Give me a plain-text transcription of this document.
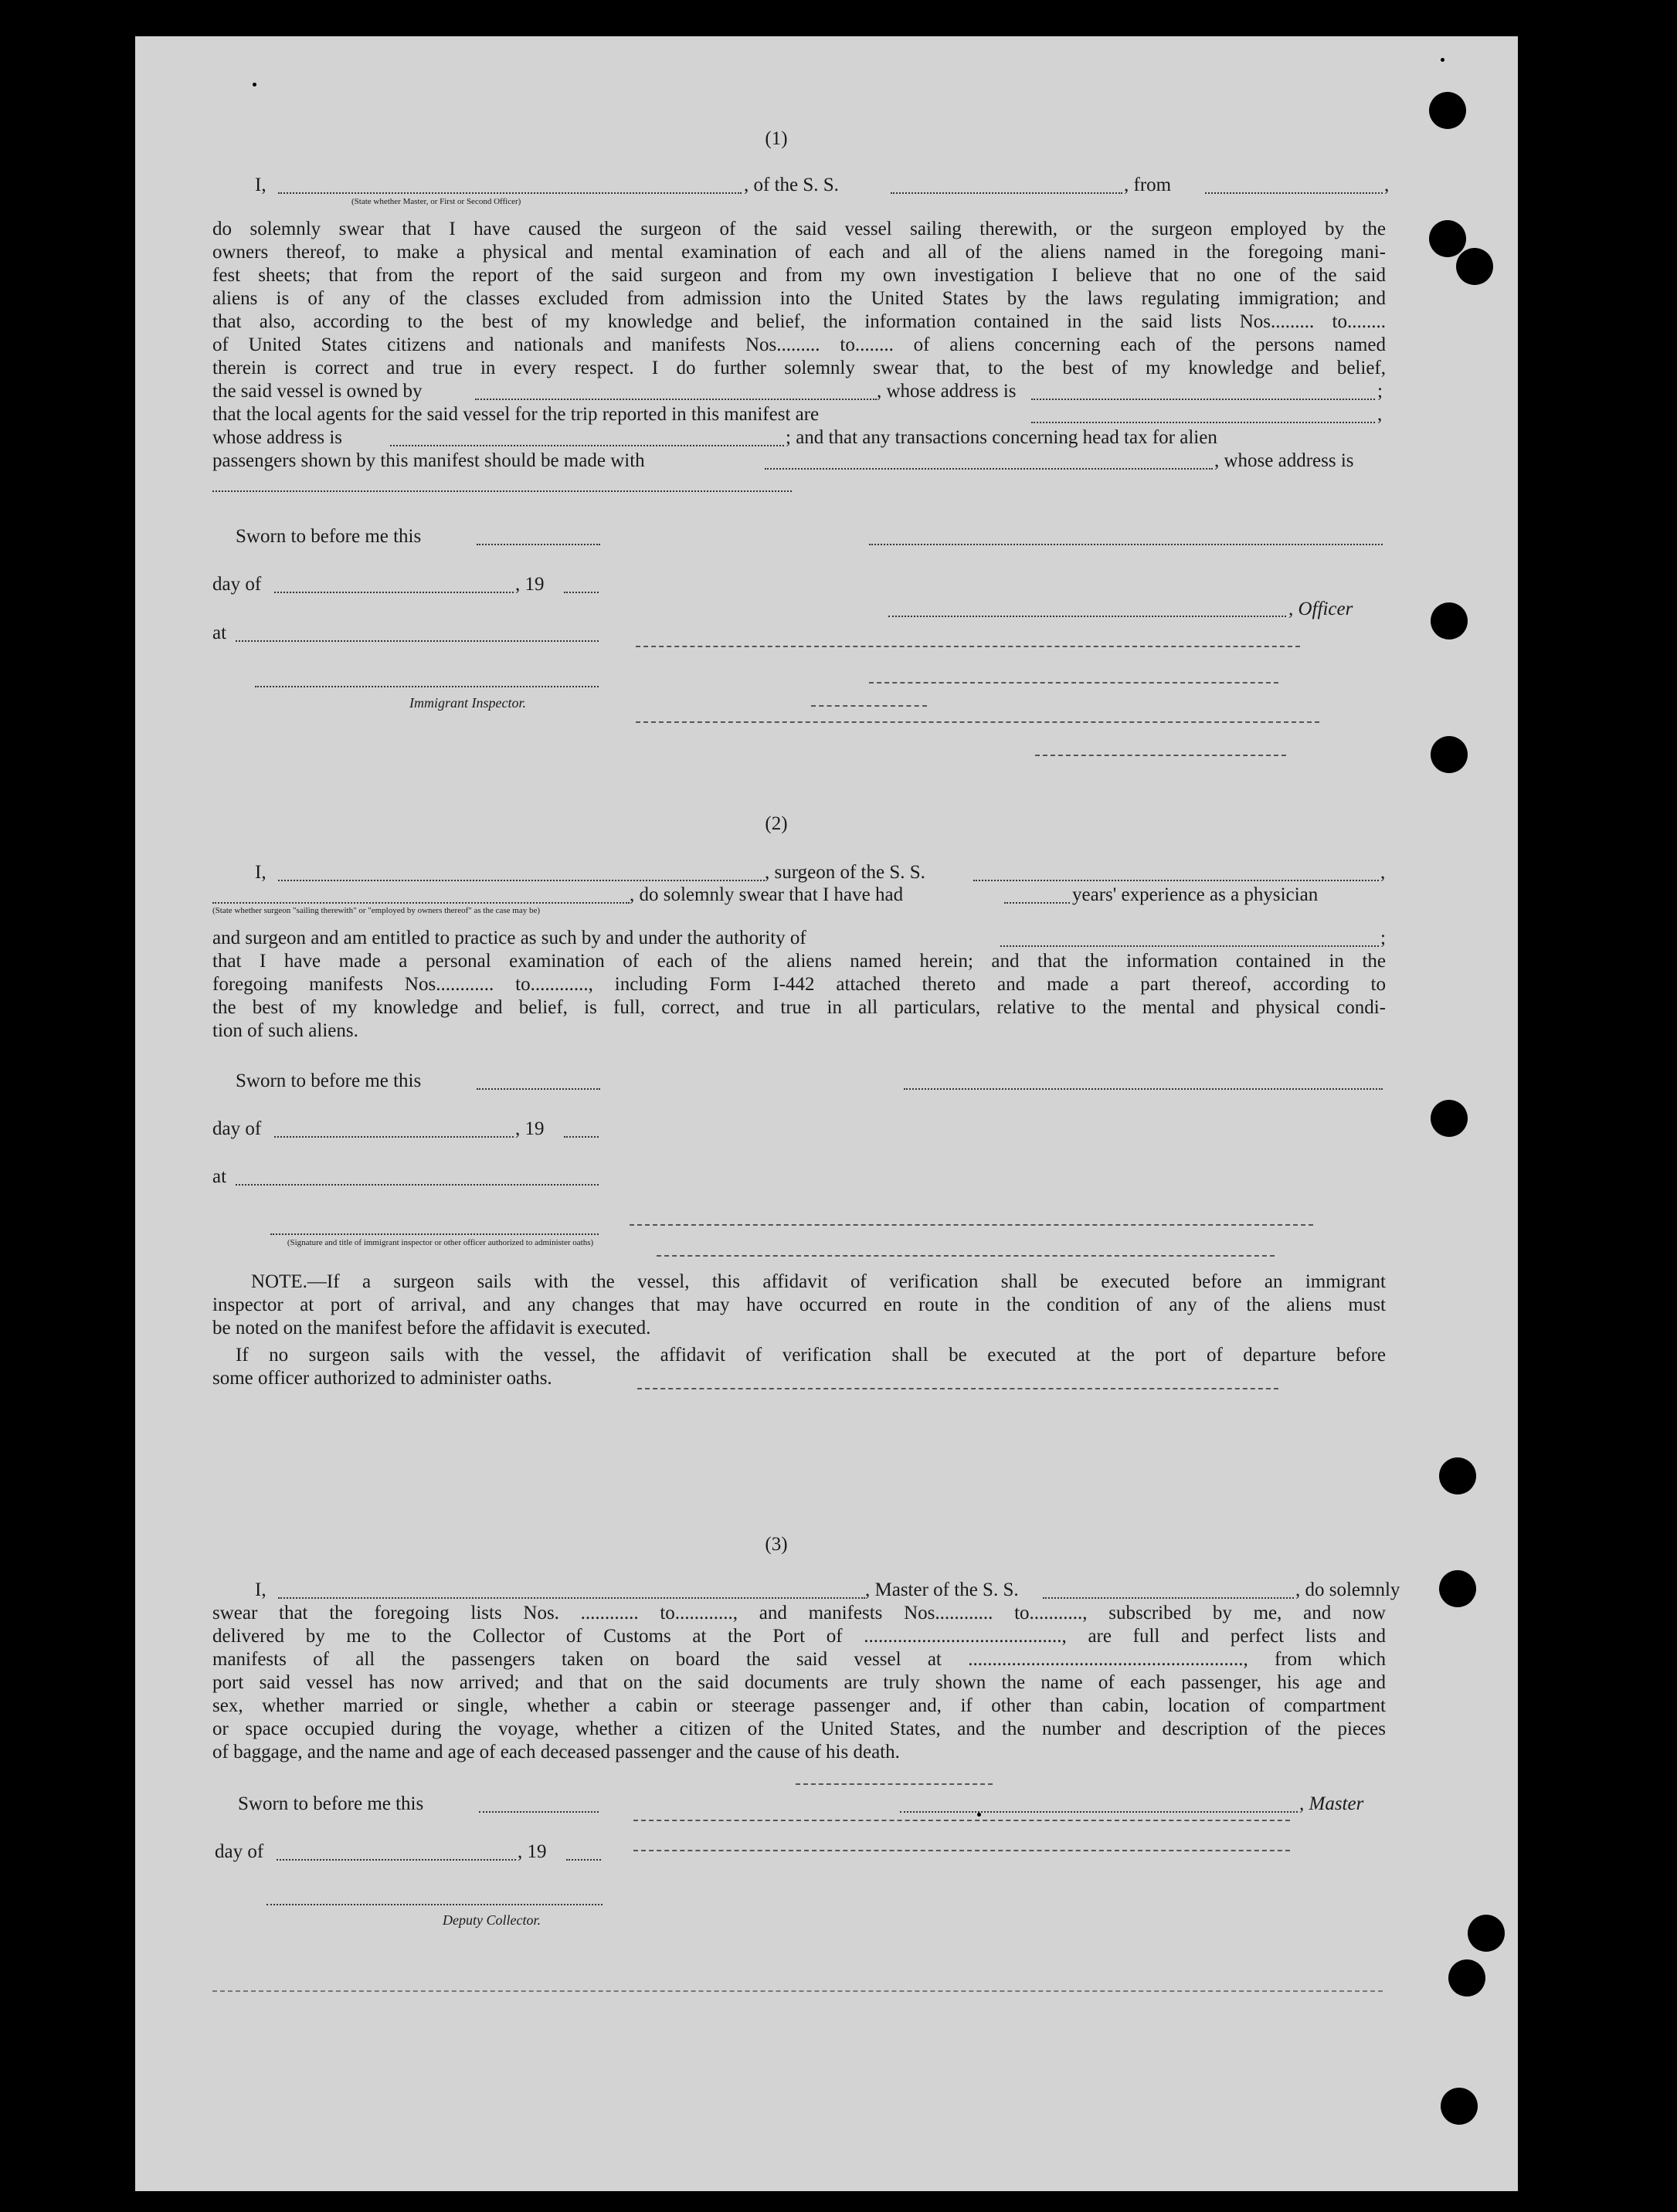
(1)
I,	, of the S. S.	, from	,
(State whether Master, or First or Second Officer)
do solemnly swear that I have caused the surgeon of the said vessel sailing therewith, or the surgeon employed by the
owners thereof, to make a physical and mental examination of each and all of the aliens named in the foregoing mani-
fest sheets; that from the report of the said surgeon and from my own investigation I believe that no one of the said
aliens is of any of the classes excluded from admission into the United States by the laws regulating immigration; and
that also, according to the best of my knowledge and belief, the information contained in the said lists Nos......... to........
of United States citizens and nationals and manifests Nos......... to........ of aliens concerning each of the persons named
therein is correct and true in every respect. I do further solemnly swear that, to the best of my knowledge and belief,
the said vessel is owned by	, whose address is	;
that the local agents for the said vessel for the trip reported in this manifest are	,
whose address is	; and that any transactions concerning head tax for alien
passengers shown by this manifest should be made with	, whose address is
Sworn to before me this
day of	, 19
, Officer
at
Immigrant Inspector.
(2)
I,	, surgeon of the S. S.	,
, do solemnly swear that I have had	years' experience as a physician
(State whether surgeon "sailing therewith" or "employed by owners thereof" as the case may be)
and surgeon and am entitled to practice as such by and under the authority of	;
that I have made a personal examination of each of the aliens named herein; and that the information contained in the
foregoing manifests Nos............ to............, including Form I-442 attached thereto and made a part thereof, according to
the best of my knowledge and belief, is full, correct, and true in all particulars, relative to the mental and physical condi-
tion of such aliens.
Sworn to before me this
day of	, 19
at
(Signature and title of immigrant inspector or other officer authorized to administer oaths)
NOTE.—If a surgeon sails with the vessel, this affidavit of verification shall be executed before an immigrant
inspector at port of arrival, and any changes that may have occurred en route in the condition of any of the aliens must
be noted on the manifest before the affidavit is executed.
If no surgeon sails with the vessel, the affidavit of verification shall be executed at the port of departure before
some officer authorized to administer oaths.
(3)
I,	, Master of the S. S.	, do solemnly
swear that the foregoing lists Nos. ............ to............, and manifests Nos............ to..........., subscribed by me, and now
delivered by me to the Collector of Customs at the Port of ........................................., are full and perfect lists and
manifests of all the passengers taken on board the said vessel at ........................................................., from which
port said vessel has now arrived; and that on the said documents are truly shown the name of each passenger, his age and
sex, whether married or single, whether a cabin or steerage passenger and, if other than cabin, location of compartment
or space occupied during the voyage, whether a citizen of the United States, and the number and description of the pieces
of baggage, and the name and age of each deceased passenger and the cause of his death.
Sworn to before me this	, Master
day of	, 19
Deputy Collector.
